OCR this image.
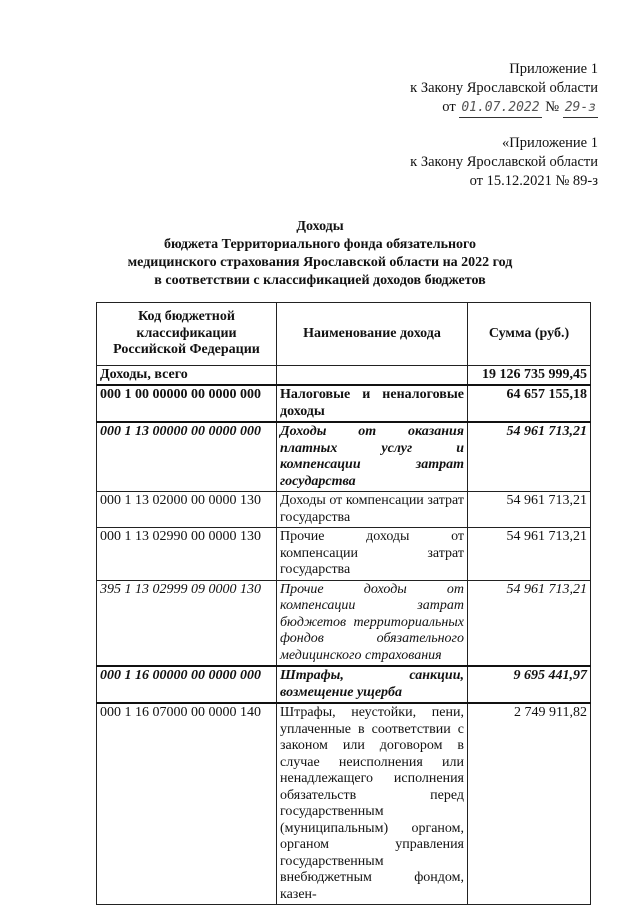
Приложение 1
к Закону Ярославской области
от 01.07.2022 № 29-з
«Приложение 1
к Закону Ярославской области
от 15.12.2021 № 89-з
Доходы
бюджета Территориального фонда обязательного
медицинского страхования Ярославской области на 2022 год
в соответствии с классификацией доходов бюджетов
Код бюджетной классификации Российской Федерации	Наименование дохода	Сумма (руб.)
Доходы, всего		19 126 735 999,45
000 1 00 00000 00 0000 000	Налоговые и неналоговые доходы	64 657 155,18
000 1 13 00000 00 0000 000	Доходы от оказания платных услуг и компенсации затрат государства	54 961 713,21
000 1 13 02000 00 0000 130	Доходы от компенсации затрат государства	54 961 713,21
000 1 13 02990 00 0000 130	Прочие доходы от компенсации затрат государства	54 961 713,21
395 1 13 02999 09 0000 130	Прочие доходы от компенсации затрат бюджетов территориальных фондов обязательного медицинского страхования	54 961 713,21
000 1 16 00000 00 0000 000	Штрафы, санкции, возмещение ущерба	9 695 441,97
000 1 16 07000 00 0000 140	Штрафы, неустойки, пени, уплаченные в соответствии с законом или договором в случае неисполнения или ненадлежащего исполнения обязательств перед государственным (муниципальным) органом, органом управления государственным внебюджетным фондом, казен-	2 749 911,82
